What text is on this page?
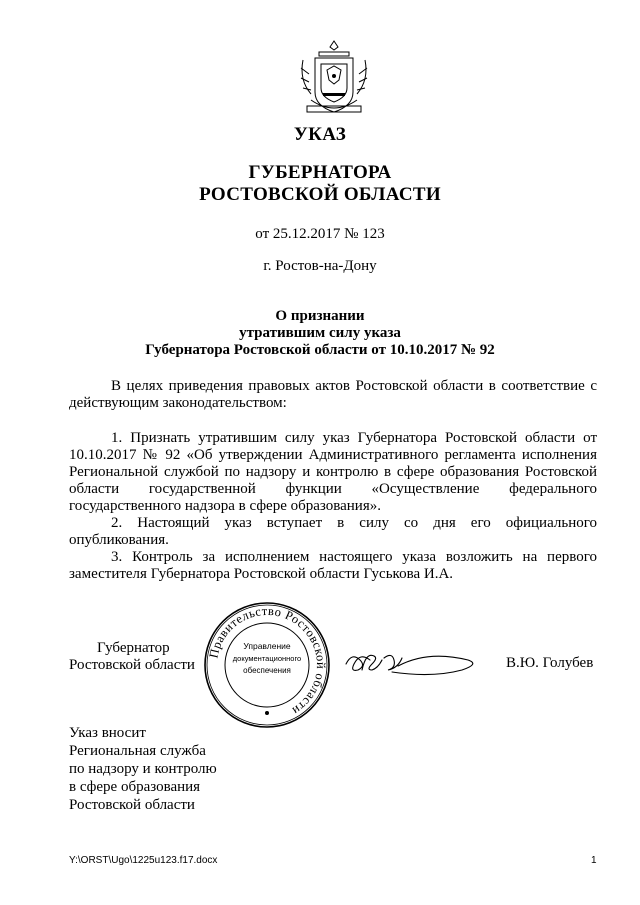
УКАЗ
ГУБЕРНАТОРА
РОСТОВСКОЙ ОБЛАСТИ
от 25.12.2017 № 123
г. Ростов-на-Дону
О признании
утратившим силу указа
Губернатора Ростовской области от 10.10.2017 № 92
В целях приведения правовых актов Ростовской области в соответствие с действующим законодательством:
1. Признать утратившим силу указ Губернатора Ростовской области от 10.10.2017 № 92 «Об утверждении Административного регламента исполнения Региональной службой по надзору и контролю в сфере образования Ростовской области государственной функции «Осуществление федерального государственного надзора в сфере образования».
2. Настоящий указ вступает в силу со дня его официального опубликования.
3. Контроль за исполнением настоящего указа возложить на первого заместителя Губернатора Ростовской области Гуськова И.А.
Губернатор
Ростовской области
Правительство Ростовской области
Управление
документационного
обеспечения	В.Ю. Голубев
Указ вносит
Региональная служба
по надзору и контролю
в сфере образования
Ростовской области
Y:\ORST\Ugo\1225u123.f17.docx	1
